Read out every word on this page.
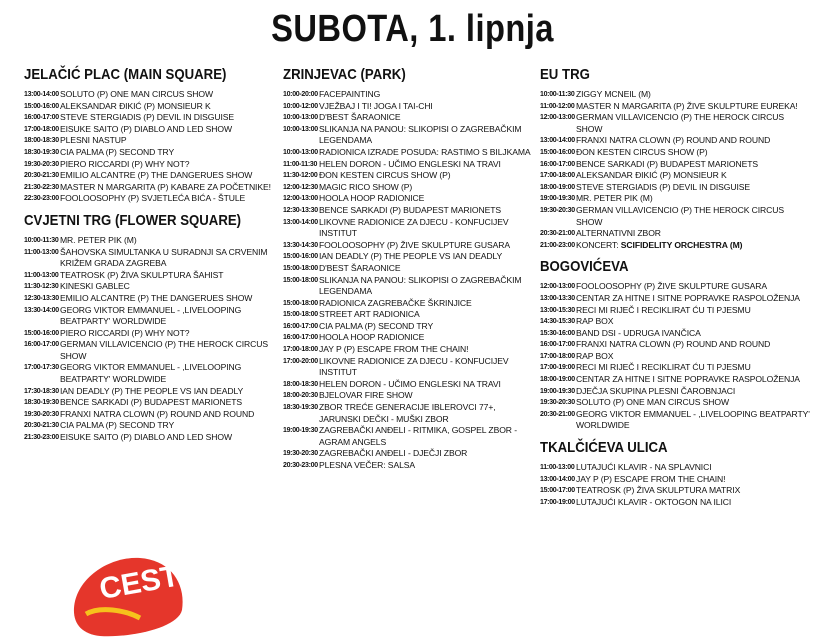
SUBOTA, 1. lipnja
JELAČIĆ PLAC (MAIN SQUARE)
13:00-14:00 SOLUTO (P) ONE MAN CIRCUS SHOW
15:00-16:00 ALEKSANDAR ĐIKIĆ (P) MONSIEUR K
16:00-17:00 STEVE STERGIADIS (P) DEVIL IN DISGUISE
17:00-18:00 EISUKE SAITO (P) DIABLO AND LED SHOW
18:00-18:30 PLESNI NASTUP
18:30-19:30 CIA PALMA (P) SECOND TRY
19:30-20:30 PIERO RICCARDI (P) WHY NOT?
20:30-21:30 EMILIO ALCANTRE (P) THE DANGERUES SHOW
21:30-22:30 MASTER N MARGARITA (P) KABARE ZA POČETNIKE!
22:30-23:00 FOOLOOSOPHY (P) SVJETLEĆA BIĆA - ŠTULE
CVJETNI TRG (FLOWER SQUARE)
10:00-11:30 MR. PETER PIK (M)
11:00-13:00 ŠAHOVSKA SIMULTANKA U SURADNJI SA CRVENIM KRIŽEM GRADA ZAGREBA
11:00-13:00 TEATROSK (P) ŽIVA SKULPTURA ŠAHIST
11:30-12:30 KINESKI GABLEC
12:30-13:30 EMILIO ALCANTRE (P) THE DANGERUES SHOW
13:30-14:00 GEORG VIKTOR EMMANUEL - ,LIVELOOPING BEATPARTY' WORLDWIDE
15:00-16:00 PIERO RICCARDI (P) WHY NOT?
16:00-17:00 GERMAN VILLAVICENCIO (P) THE HEROCK CIRCUS SHOW
17:00-17:30 GEORG VIKTOR EMMANUEL - ,LIVELOOPING BEATPARTY' WORLDWIDE
17:30-18:30 IAN DEADLY (P) THE PEOPLE VS IAN DEADLY
18:30-19:30 BENCE SARKADI (P) BUDAPEST MARIONETS
19:30-20:30 FRANXI NATRA CLOWN (P) ROUND AND ROUND
20:30-21:30 CIA PALMA (P) SECOND TRY
21:30-23:00 EISUKE SAITO (P) DIABLO AND LED SHOW
ZRINJEVAC (PARK)
10:00-20:00 FACEPAINTING
10:00-12:00 VJEŽBAJ I TI! JOGA I TAI-CHI
10:00-13:00 D'BEST ŠARAONICE
10:00-13:00 SLIKANJA NA PANOU: SLIKOPISI O ZAGREBAČKIM LEGENDAMA
10:00-13:00 RADIONICA IZRADE POSUDA: RASTIMO S BILJKAMA
11:00-11:30 HELEN DORON - UČIMO ENGLESKI NA TRAVI
11:30-12:00 ĐON KESTEN CIRCUS SHOW (P)
12:00-12:30 MAGIC RICO SHOW (P)
12:00-13:00 HOOLA HOOP RADIONICE
12:30-13:30 BENCE SARKADI (P) BUDAPEST MARIONETS
13:00-14:00 LIKOVNE RADIONICE ZA DJECU - KONFUCIJEV INSTITUT
13:30-14:30 FOOLOOSOPHY (P) ŽIVE SKULPTURE GUSARA
15:00-16:00 IAN DEADLY (P) THE PEOPLE VS IAN DEADLY
15:00-18:00 D'BEST ŠARAONICE
15:00-18:00 SLIKANJA NA PANOU: SLIKOPISI O ZAGREBAČKIM LEGENDAMA
15:00-18:00 RADIONICA ZAGREBAČKE ŠKRINJICE
15:00-18:00 STREET ART RADIONICA
16:00-17:00 CIA PALMA (P) SECOND TRY
16:00-17:00 HOOLA HOOP RADIONICE
17:00-18:00 JAY P (P) ESCAPE FROM THE CHAIN!
17:00-20:00 LIKOVNE RADIONICE ZA DJECU - KONFUCIJEV INSTITUT
18:00-18:30 HELEN DORON - UČIMO ENGLESKI NA TRAVI
18:00-20:30 BJELOVAR FIRE SHOW
18:30-19:30 ZBOR TREĆE GENERACIJE IBLEROVCI 77+, JARUNSKI DEČKI - MUŠKI ZBOR
19:00-19:30 ZAGREBAČKI ANĐELI - RITMIKA, GOSPEL ZBOR - AGRAM ANGELS
19:30-20:30 ZAGREBAČKI ANĐELI - DJEČJI ZBOR
20:30-23:00 PLESNA VEČER: SALSA
EU TRG
10:00-11:30 ZIGGY MCNEIL (M)
11:00-12:00 MASTER N MARGARITA (P) ŽIVE SKULPTURE EUREKA!
12:00-13:00 GERMAN VILLAVICENCIO (P) THE HEROCK CIRCUS SHOW
13:00-14:00 FRANXI NATRA CLOWN (P) ROUND AND ROUND
15:00-16:00 ĐON KESTEN CIRCUS SHOW (P)
16:00-17:00 BENCE SARKADI (P) BUDAPEST MARIONETS
17:00-18:00 ALEKSANDAR ĐIKIĆ (P) MONSIEUR K
18:00-19:00 STEVE STERGIADIS (P) DEVIL IN DISGUISE
19:00-19:30 MR. PETER PIK (M)
19:30-20:30 GERMAN VILLAVICENCIO (P) THE HEROCK CIRCUS SHOW
20:30-21:00 ALTERNATIVNI ZBOR
21:00-23:00 KONCERT: SCIFIDELITY ORCHESTRA (M)
BOGOVIĆEVA
12:00-13:00 FOOLOOSOPHY (P) ŽIVE SKULPTURE GUSARA
13:00-13:30 CENTAR ZA HITNE I SITNE POPRAVKE RASPOLOŽENJA
13:00-15:30 RECI MI RIJEČ I RECIKLIRAT ĆU TI PJESMU
14:30-15:30 RAP BOX
15:30-16:00 BAND DSI - UDRUGA IVANČICA
16:00-17:00 FRANXI NATRA CLOWN (P) ROUND AND ROUND
17:00-18:00 RAP BOX
17:00-19:00 RECI MI RIJEČ I RECIKLIRAT ĆU TI PJESMU
18:00-19:00 CENTAR ZA HITNE I SITNE POPRAVKE RASPOLOŽENJA
19:00-19:30 DJEČJA SKUPINA PLESNI ČAROBNJACI
19:30-20:30 SOLUTO (P) ONE MAN CIRCUS SHOW
20:30-21:00 GEORG VIKTOR EMMANUEL - ,LIVELOOPING BEATPARTY' WORLDWIDE
TKALČIĆEVA ULICA
11:00-13:00 LUTAJUĆI KLAVIR - NA SPLAVNICI
13:00-14:00 JAY P (P) ESCAPE FROM THE CHAIN!
15:00-17:00 TEATROSK (P) ŽIVA SKULPTURA MATRIX
17:00-19:00 LUTAJUĆI KLAVIR - OKTOGON NA ILICI
CEST
